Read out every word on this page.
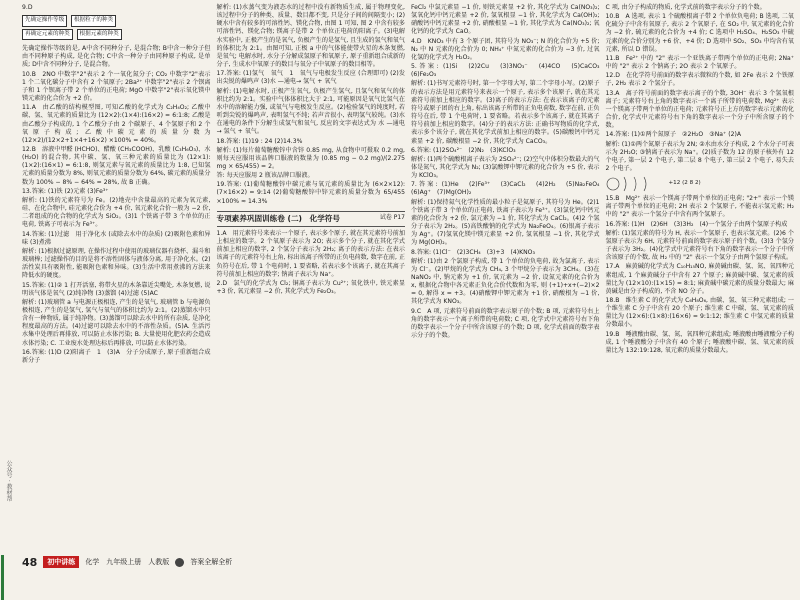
9.D

先确定操作等级 根据粒子的种类
再确定元素的种类 根据元素的种类

先确定操作等级的是, A中含不同种分子, 是混合物; B中含一种分子但由不同种原子构成, 是化合物; C中含一种分子由同种原子构成, 是单质; D中含不同种分子, 是混合物。

10.B　2NO 中数字"2"表示 2 个一氧化氮分子; CO₂ 中数字"2"表示 1 个二氧化碳分子中含有 2 个氧原子; 2Ba²⁺ 中数字"2"表示 2 个钡离子和 1 个钡离子带 2 个单位的正电荷; MgO 中数字"2"表示氧化镁中镁元素的化合价为 +2 价。

11.A　由乙酸的结构模型图, 可知乙酸的化学式为 C₂H₄O₂; 乙酸中碳、氢、氧元素的质量比为 (12×2):(1×4):(16×2) = 6:1:8; 乙酸是由乙酸分子构成的, 1 个乙酸分子由 2 个碳原子、4 个氢原子和 2 个氧原子构成; 乙酸中碳元素的质量分数为 (12×2)/(12×2+1×4+16×2) ×100% = 40%。

12.B　溶液中甲醛 (HCHO)、醋酸 (CH₃COOH)、乳酸 (C₃H₆O₃)、水 (H₂O) 的混合物, 其中碳、氢、氧三种元素的质量比为 (12×1):(1×2):(16×1) = 6:1:8, 则氢元素与氧元素的质量比为 1:8, 已知氢元素的质量分数为 8%, 则氧元素的质量分数为 64%, 碳元素的质量分数为 100% − 8% − 64% = 28%, 故 B 正确。

13.答案: (1)铁 (2)元素 (3)Fe³⁺

解析: (1)铁的元素符号为 Fe。(2)地壳中含量最高的元素为氧元素, 硅、在化合物中, 硅元素化合价为 +4 价, 氧元素化合价一般为 −2 价, 二者组成的化合物的化学式为 SiO₂。(3)1 个铁离子带 3 个单位的正电荷, 铁离子可表示为 Fe³⁺。

14.答案: (1)过滤　用于净化水 (或除去水中的杂质) (2)吸附色素和异味 (3)煮沸

解析: (1)根据过滤原理, 在操作过程中使用的玻璃仪器有烧杯、漏斗和玻璃棒; 过滤操作的目的是将不溶性固体与液体分离, 用于净化水。(2)活性炭具有吸附性, 能吸附色素和异味。(3)生活中常用煮沸的方法来降低水的硬度。

15.答案: (1)② 1 打开活塞, 将带火星的木条靠近尖嘴处, 木条复燃, 说明该气体是氧气 (2)纯净物 (3)蒸馏 (4)过滤 (5)AC

解析: (1)玻璃管 a 与电源正极相连, 产生的是氧气, 玻璃管 b 与电源负极相连, 产生的是氢气, 氢气与氧气的体积比约为 2:1。(2)蒸馏水中只含有一种物质, 属于纯净物。(3)蒸馏可以除去水中的所有杂质, 是净化程度最高的方法。(4)过滤可以除去水中的不溶性杂质。(5)A. 生活污水集中处理后再排放, 可以防止水体污染; B. 大量使用化肥农药会造成水体污染; C. 工业废水处理达标后再排放, 可以防止水体污染。

16.答案: (1)D (2)阳离子　1　(3)A　分子分成原子, 原子重新组合成新分子

解析: (1)水蒸气变为液态水的过程中没有新物质生成, 属于物理变化, 该过程中分子的种类、质量、数目都不变, 只是分子间的间隔变小; (2)硬水中含有较多的可溶性钙、镁化合物, 由图 1 可知, 图 2 中含有较多可溶性钙、镁化合物; 镁离子是带 2 个单位正电荷的阳离子。(3)电解水实验中, 正极产生的是氧气, 负极产生的是氢气, 且生成的氢气和氧气的体积比为 2:1。由图可知, 正极 a 中的气体能使带火星的木条复燃, 是氧气; 电解水时, 水分子分解成氢原子和氧原子, 原子重新组合成新的分子, 生成水中氧原子的数目与氧分子中氧原子的数目相等。

17.答案: (1)氢气　氧气　1　氧气与电极发生反应 (合理即可) (2)发出尖锐的爆鸣声 (3)水 —通电→ 氢气 + 氧气

解析: (1)电解水时, 正极产生氧气, 负极产生氢气, 且氢气和氧气的体积比约为 2:1。实验中气体体积比大于 2:1, 可能原因是氧气比氢气在水中的溶解能力强, 或氧气与电极发生反应。(2)检验氢气的纯度时, 若听到尖锐的爆鸣声, 表明氢气不纯; 若声音很小, 表明氢气较纯。(3)水在通电的条件下分解生成氢气和氧气, 反应的文字表达式为 水 —通电→ 氢气 + 氧气。

18.答案: (1)19 : 24 (2)14.3%

解析: (1)每片葡萄糖酸锌中含锌 0.85 mg, 从食物中可摄取 0.2 mg, 则每天应服用该品牌口服液的数量为 (0.85 mg − 0.2 mg)/(2.275 mg × 65/455) = 2。

答: 每天应服用 2 瓶该品牌口服液。

19.答案: (1)葡萄糖酸锌中碳元素与氧元素的质量比为 (6×2×12):(7×16×2) = 9:14 (2)葡萄糖酸锌中锌元素的质量分数为 65/455 ×100% ≈ 14.3%

专项素养巩固训练卷 (二)　化学符号	试卷 P17

1.A　用元素符号来表示一个原子, 表示多个原子, 就在其元素符号前加上相应的数字。2 个氧原子表示为 2O; 表示多个分子, 就在其化学式前加上相应的数字, 2 个氢分子表示为 2H₂; 离子的表示方法: 在表示该离子的元素符号右上角, 标出该离子所带的正负电荷数, 数字在前, 正负符号在后, 带 1 个电荷时, 1 要省略, 若表示多个该离子, 就在其离子符号前加上相应的数字; 钠离子表示为 Na⁺。

2.D　氯气的化学式为 Cl₂; 铜离子表示为 Cu²⁺; 氧化铁中, 铁元素显 +3 价, 氧元素显 −2 价, 其化学式为 Fe₂O₃。

FeCl₂ 中氯元素显 −1 价, 则铁元素显 +2 价, 其化学式为 Ca(NO₃)₂; 氢氧化钙中钙元素显 +2 价, 氢氧根显 −1 价, 其化学式为 Ca(OH)₂; 硝酸钙中钙元素显 +2 价, 硝酸根显 −1 价, 其化学式为 Ca(NO₃)₂; 氧化钙的化学式为 CaO。

4.D　KNO₃ 中有 3 个原子团, 其符号为 NO₃⁻; N 的化合价为 +5 价; N₂ 中 N 元素的化合价为 0; NH₄⁺ 中氮元素的化合价为 −3 价, 过氧化氢的化学式为 H₂O₂。

5.答案: (1)Si　(2)2Cu　(3)3NO₃⁻　(4)4CO　(5)CaCO₃　(6)Fe₂O₃

解析: (1)书写元素符号时, 第一个字母大写, 第二个字母小写。(2)原子的表示方法是用元素符号来表示一个原子, 表示多个该原子, 就在其元素符号前加上相应的数字。(3)离子的表示方法: 在表示该离子的元素符号或原子团的右上角, 标出该离子所带的正负电荷数, 数字在前, 正负符号在后, 带 1 个电荷时, 1 要省略。若表示多个该离子, 就在其离子符号前加上相应的数字。(4)分子的表示方法: 正确书写物质的化学式, 表示多个该分子, 就在其化学式前加上相应的数字。(5)碳酸钙中钙元素显 +2 价, 碳酸根显 −2 价, 其化学式为 CaCO₃。

6.答案: (1)2SO₄²⁻　(2)N₂　(3)KClO₃

解析: (1)两个硫酸根离子表示为 2SO₄²⁻; (2)空气中体积分数最大的气体是氮气, 其化学式为 N₂; (3)氯酸钾中钾元素的化合价为 +5 价, 表示为 KClO₃。

7.答案: (1)He　(2)Fe³⁺　(3)CaCl₂　(4)2H₂　(5)Na₂FeO₄　(6)Ag⁺　(7)Mg(OH)₂

解析: (1)保持氦气化学性质的最小粒子是氦原子, 其符号为 He。(2)1 个铁离子带 3 个单位的正电荷, 铁离子表示为 Fe³⁺。(3)氯化钙中钙元素的化合价为 +2 价, 氯元素为 −1 价, 其化学式为 CaCl₂。(4)2 个氢分子表示为 2H₂。(5)高铁酸钠的化学式为 Na₂FeO₄。(6)银离子表示为 Ag⁺。(7)氢氧化镁中镁元素显 +2 价, 氢氧根显 −1 价, 其化学式为 Mg(OH)₂。

8.答案: (1)Cl⁻　(2)3CH₄　(3)+3　(4)KNO₃

解析: (1)由 2 个氯原子构成, 带 1 个单位的负电荷, 故为氯离子, 表示为 Cl⁻。(2)甲烷的化学式为 CH₄, 3 个甲烷分子表示为 3CH₄。(3)在 NaNO₂ 中, 钠元素为 +1 价, 氧元素为 −2 价, 设氮元素的化合价为 x, 根据化合物中各元素正负化合价代数和为零, 则 (+1)+x+(−2)×2 = 0, 解得 x = +3。(4)硝酸钾中钾元素为 +1 价, 硝酸根为 −1 价, 其化学式为 KNO₃。

9.C　A 项, 元素符号前面的数字表示原子的个数; B 项, 元素符号右上角的数字表示一个离子所带的电荷数; C 项, 化学式中元素符号右下角的数字表示一个分子中所含该原子的个数; D 项, 化学式前面的数字表示分子的个数。

C 项, 由分子构成的物质, 化学式前的数字表示分子的个数。

10.B　A 选项, 表示 1 个硫酸根离子带 2 个单位负电荷; B 选项, 二氧化硫分子中含有氧原子, 表示 2 个氧原子, 在 SO₂ 中, 氧元素的化合价为 −2 价, 硫元素的化合价为 +4 价; C 选项中 H₂SO₄、H₂SO₃ 中硫元素的化合价分别为 +6 价、+4 价; D 选项中 SO₂、SO₃ 中均含有氧元素, 所以 D 错误。

11.B　Fe²⁺ 中的 "2" 表示一个亚铁离子带两个单位的正电荷; 2Na⁺ 中的 "2" 表示 2 个钠离子; 2O 表示 2 个氧原子。

12.D　在化学符号前面的数字表示微粒的个数, 如 2Fe 表示 2 个铁原子, 2H₂ 表示 2 个氢分子。

13.A　离子符号前面的数字表示离子的个数, 3OH⁻ 表示 3 个氢氧根离子; 元素符号右上角的数字表示一个离子所带的电荷数, Mg²⁺ 表示一个镁离子带两个单位的正电荷; 元素符号正上方的数字表示元素的化合价, 化学式中元素符号右下角的数字表示一个分子中所含原子的个数。

14.答案: (1)①两个氮原子　②2H₂O　③Na⁺ (2)A

解析: (1)①两个氮原子表示为 2N; ②水由水分子构成, 2 个水分子可表示为 2H₂O; ③钠离子表示为 Na⁺。(2)质子数为 12 的原子核外有 12 个电子, 第一层 2 个电子, 第二层 8 个电子, 第三层 2 个电子, 易失去 2 个电子。

+12 (2 8 2)

15.B　Mg²⁺ 表示一个镁离子带两个单位的正电荷; "2+" 表示一个镁离子带两个单位的正电荷; 2H 表示 2 个氢原子, 不能表示氢元素; H₂ 中的 "2" 表示一个氢分子中含有两个氢原子。

16.答案: (1)H　(2)6H　(3)3H₂　(4)一个氢分子由两个氢原子构成

解析: (1)氢元素的符号为 H, 表示一个氢原子, 也表示氢元素。(2)6 个氢原子表示为 6H, 元素符号前面的数字表示原子的个数。(3)3 个氢分子表示为 3H₂。(4)化学式中元素符号右下角的数字表示一个分子中所含该原子的个数, 故 H₂ 中的 "2" 表示一个氢分子由两个氢原子构成。

17.A　麻黄碱的化学式为 C₁₀H₁₅NO, 麻黄碱由碳、氢、氮、氧四种元素组成, 1 个麻黄碱分子中含有 27 个原子; 麻黄碱中碳、氢元素的质量比为 (12×10):(1×15) = 8:1; 麻黄碱中碳元素的质量分数最大; 麻黄碱是由分子构成的, 不含 NO 分子。

18.B　维生素 C 的化学式为 C₆H₈O₆, 由碳、氢、氧三种元素组成; 一个维生素 C 分子中含有 20 个原子; 维生素 C 中碳、氢、氧元素的质量比为 (12×6):(1×8):(16×6) = 9:1:12; 维生素 C 中氢元素的质量分数最小。

19.B　唾液酸由碳、氢、氮、氧四种元素组成; 唾液酸由唾液酸分子构成, 1 个唾液酸分子中含有 40 个原子; 唾液酸中碳、氢、氧元素的质量比为 132:19:128, 氧元素的质量分数最大。

公众号 · 教材帮
48	初中讲练	化学　九年级上册　人教版	答案全解全析
